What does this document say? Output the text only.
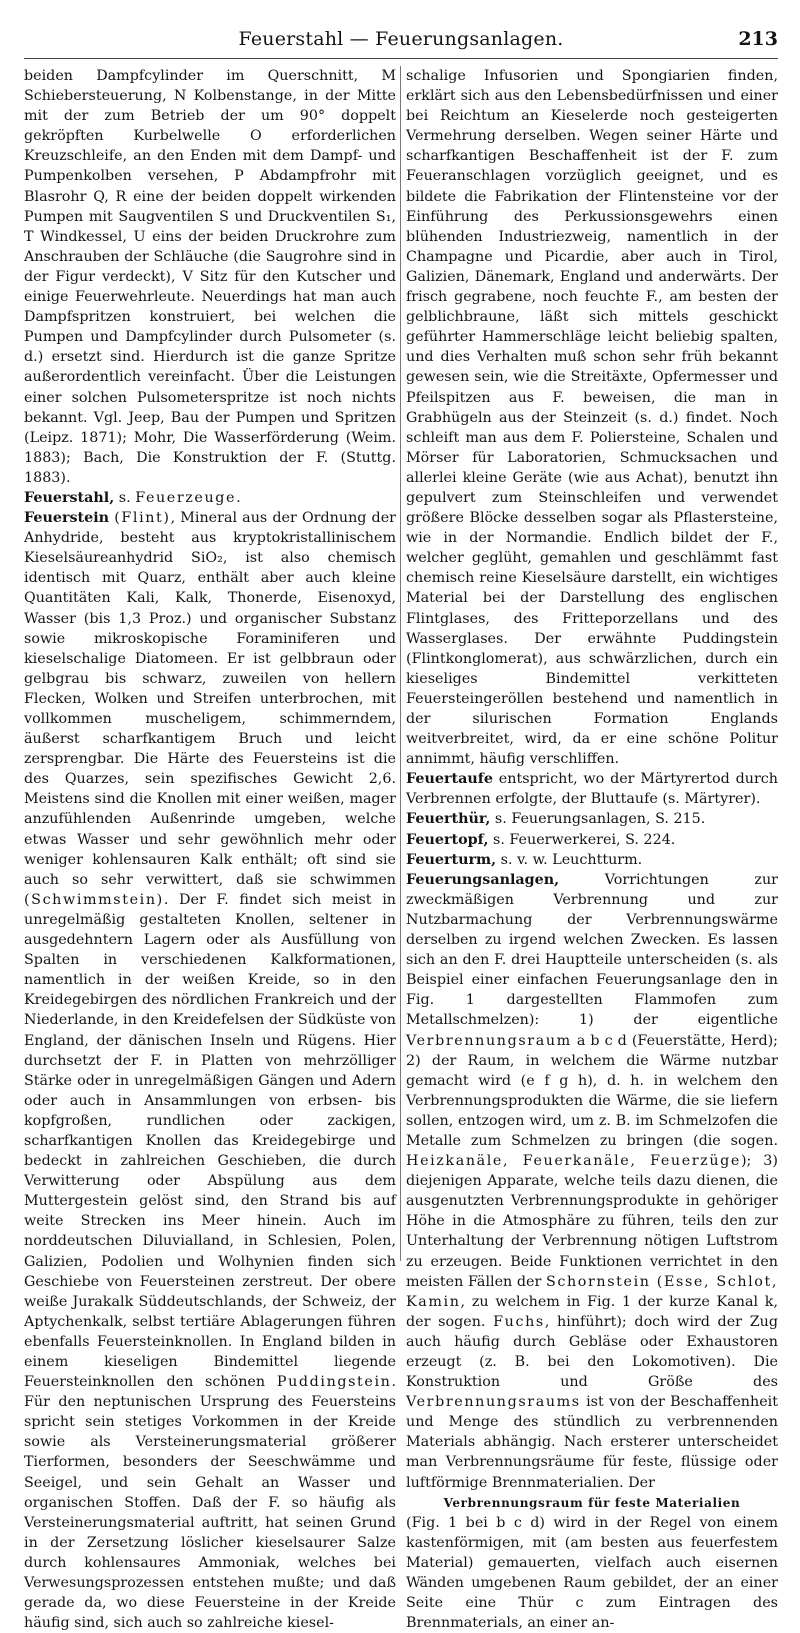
Feuerstahl — Feuerungsanlagen.	213

beiden Dampfcylinder im Querschnitt, M Schiebersteuerung, N Kolbenstange, in der Mitte mit der zum Betrieb der um 90° doppelt gekröpften Kurbelwelle O erforderlichen Kreuzschleife, an den Enden mit dem Dampf- und Pumpenkolben versehen, P Abdampfrohr mit Blasrohr Q, R eine der beiden doppelt wirkenden Pumpen mit Saugventilen S und Druckventilen S₁, T Windkessel, U eins der beiden Druckrohre zum Anschrauben der Schläuche (die Saugrohre sind in der Figur verdeckt), V Sitz für den Kutscher und einige Feuerwehrleute. Neuerdings hat man auch Dampfspritzen konstruiert, bei welchen die Pumpen und Dampfcylinder durch Pulsometer (s. d.) ersetzt sind. Hierdurch ist die ganze Spritze außerordentlich vereinfacht. Über die Leistungen einer solchen Pulsometerspritze ist noch nichts bekannt. Vgl. Jeep, Bau der Pumpen und Spritzen (Leipz. 1871); Mohr, Die Wasserförderung (Weim. 1883); Bach, Die Konstruktion der F. (Stuttg. 1883).

Feuerstahl, s. Feuerzeuge.

Feuerstein (Flint), Mineral aus der Ordnung der Anhydride, besteht aus kryptokristallinischem Kieselsäureanhydrid SiO₂, ist also chemisch identisch mit Quarz, enthält aber auch kleine Quantitäten Kali, Kalk, Thonerde, Eisenoxyd, Wasser (bis 1,3 Proz.) und organischer Substanz sowie mikroskopische Foraminiferen und kieselschalige Diatomeen. Er ist gelbbraun oder gelbgrau bis schwarz, zuweilen von hellern Flecken, Wolken und Streifen unterbrochen, mit vollkommen muscheligem, schimmerndem, äußerst scharfkantigem Bruch und leicht zersprengbar. Die Härte des Feuersteins ist die des Quarzes, sein spezifisches Gewicht 2,6. Meistens sind die Knollen mit einer weißen, mager anzufühlenden Außenrinde umgeben, welche etwas Wasser und sehr gewöhnlich mehr oder weniger kohlensauren Kalk enthält; oft sind sie auch so sehr verwittert, daß sie schwimmen (Schwimmstein). Der F. findet sich meist in unregelmäßig gestalteten Knollen, seltener in ausgedehntern Lagern oder als Ausfüllung von Spalten in verschiedenen Kalkformationen, namentlich in der weißen Kreide, so in den Kreidegebirgen des nördlichen Frankreich und der Niederlande, in den Kreidefelsen der Südküste von England, der dänischen Inseln und Rügens. Hier durchsetzt der F. in Platten von mehrzölliger Stärke oder in unregelmäßigen Gängen und Adern oder auch in Ansammlungen von erbsen- bis kopfgroßen, rundlichen oder zackigen, scharfkantigen Knollen das Kreidegebirge und bedeckt in zahlreichen Geschieben, die durch Verwitterung oder Abspülung aus dem Muttergestein gelöst sind, den Strand bis auf weite Strecken ins Meer hinein. Auch im norddeutschen Diluvialland, in Schlesien, Polen, Galizien, Podolien und Wolhynien finden sich Geschiebe von Feuersteinen zerstreut. Der obere weiße Jurakalk Süddeutschlands, der Schweiz, der Aptychenkalk, selbst tertiäre Ablagerungen führen ebenfalls Feuersteinknollen. In England bilden in einem kieseligen Bindemittel liegende Feuersteinknollen den schönen Puddingstein. Für den neptunischen Ursprung des Feuersteins spricht sein stetiges Vorkommen in der Kreide sowie als Versteinerungsmaterial größerer Tierformen, besonders der Seeschwämme und Seeigel, und sein Gehalt an Wasser und organischen Stoffen. Daß der F. so häufig als Versteinerungsmaterial auftritt, hat seinen Grund in der Zersetzung löslicher kieselsaurer Salze durch kohlensaures Ammoniak, welches bei Verwesungsprozessen entstehen mußte; und daß gerade da, wo diese Feuersteine in der Kreide häufig sind, sich auch so zahlreiche kiesel-

schalige Infusorien und Spongiarien finden, erklärt sich aus den Lebensbedürfnissen und einer bei Reichtum an Kieselerde noch gesteigerten Vermehrung derselben. Wegen seiner Härte und scharfkantigen Beschaffenheit ist der F. zum Feueranschlagen vorzüglich geeignet, und es bildete die Fabrikation der Flintensteine vor der Einführung des Perkussionsgewehrs einen blühenden Industriezweig, namentlich in der Champagne und Picardie, aber auch in Tirol, Galizien, Dänemark, England und anderwärts. Der frisch gegrabene, noch feuchte F., am besten der gelblichbraune, läßt sich mittels geschickt geführter Hammerschläge leicht beliebig spalten, und dies Verhalten muß schon sehr früh bekannt gewesen sein, wie die Streitäxte, Opfermesser und Pfeilspitzen aus F. beweisen, die man in Grabhügeln aus der Steinzeit (s. d.) findet. Noch schleift man aus dem F. Poliersteine, Schalen und Mörser für Laboratorien, Schmucksachen und allerlei kleine Geräte (wie aus Achat), benutzt ihn gepulvert zum Steinschleifen und verwendet größere Blöcke desselben sogar als Pflastersteine, wie in der Normandie. Endlich bildet der F., welcher geglüht, gemahlen und geschlämmt fast chemisch reine Kieselsäure darstellt, ein wichtiges Material bei der Darstellung des englischen Flintglases, des Fritteporzellans und des Wasserglases. Der erwähnte Puddingstein (Flintkonglomerat), aus schwärzlichen, durch ein kieseliges Bindemittel verkitteten Feuersteingeröllen bestehend und namentlich in der silurischen Formation Englands weitverbreitet, wird, da er eine schöne Politur annimmt, häufig verschliffen.

Feuertaufe entspricht, wo der Märtyrertod durch Verbrennen erfolgte, der Bluttaufe (s. Märtyrer).

Feuerthür, s. Feuerungsanlagen, S. 215.

Feuertopf, s. Feuerwerkerei, S. 224.

Feuerturm, s. v. w. Leuchtturm.

Feuerungsanlagen, Vorrichtungen zur zweckmäßigen Verbrennung und zur Nutzbarmachung der Verbrennungswärme derselben zu irgend welchen Zwecken. Es lassen sich an den F. drei Hauptteile unterscheiden (s. als Beispiel einer einfachen Feuerungsanlage den in Fig. 1 dargestellten Flammofen zum Metallschmelzen): 1) der eigentliche Verbrennungsraum a b c d (Feuerstätte, Herd); 2) der Raum, in welchem die Wärme nutzbar gemacht wird (e f g h), d. h. in welchem den Verbrennungsprodukten die Wärme, die sie liefern sollen, entzogen wird, um z. B. im Schmelzofen die Metalle zum Schmelzen zu bringen (die sogen. Heizkanäle, Feuerkanäle, Feuerzüge); 3) diejenigen Apparate, welche teils dazu dienen, die ausgenutzten Verbrennungsprodukte in gehöriger Höhe in die Atmosphäre zu führen, teils den zur Unterhaltung der Verbrennung nötigen Luftstrom zu erzeugen. Beide Funktionen verrichtet in den meisten Fällen der Schornstein (Esse, Schlot, Kamin, zu welchem in Fig. 1 der kurze Kanal k, der sogen. Fuchs, hinführt); doch wird der Zug auch häufig durch Gebläse oder Exhaustoren erzeugt (z. B. bei den Lokomotiven). Die Konstruktion und Größe des Verbrennungsraums ist von der Beschaffenheit und Menge des stündlich zu verbrennenden Materials abhängig. Nach ersterer unterscheidet man Verbrennungsräume für feste, flüssige oder luftförmige Brennmaterialien. Der

Verbrennungsraum für feste Materialien

(Fig. 1 bei b c d) wird in der Regel von einem kastenförmigen, mit (am besten aus feuerfestem Material) gemauerten, vielfach auch eisernen Wänden umgebenen Raum gebildet, der an einer Seite eine Thür c zum Eintragen des Brennmaterials, an einer an-
